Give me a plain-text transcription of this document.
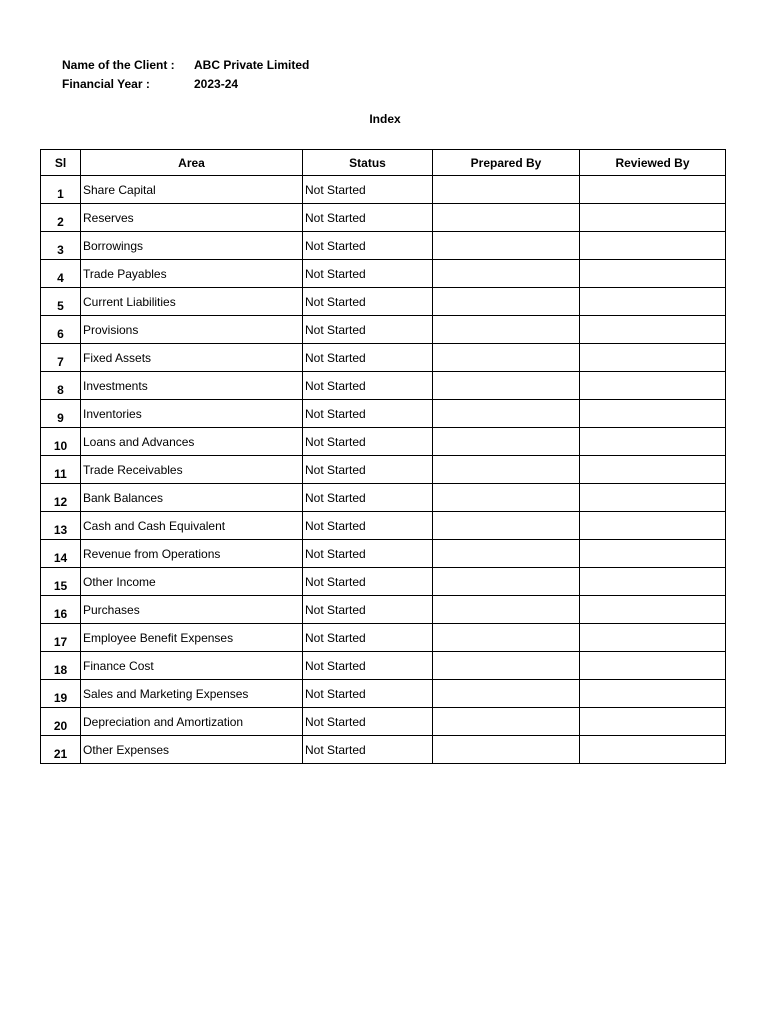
Name of the Client :	ABC Private Limited
Financial Year :	2023-24
Index
Sl	Area	Status	Prepared By	Reviewed By
1	Share Capital	Not Started		
2	Reserves	Not Started		
3	Borrowings	Not Started		
4	Trade Payables	Not Started		
5	Current Liabilities	Not Started		
6	Provisions	Not Started		
7	Fixed Assets	Not Started		
8	Investments	Not Started		
9	Inventories	Not Started		
10	Loans and Advances	Not Started		
11	Trade Receivables	Not Started		
12	Bank Balances	Not Started		
13	Cash and Cash Equivalent	Not Started		
14	Revenue from Operations	Not Started		
15	Other Income	Not Started		
16	Purchases	Not Started		
17	Employee Benefit Expenses	Not Started		
18	Finance Cost	Not Started		
19	Sales and Marketing Expenses	Not Started		
20	Depreciation and Amortization	Not Started		
21	Other Expenses	Not Started		
